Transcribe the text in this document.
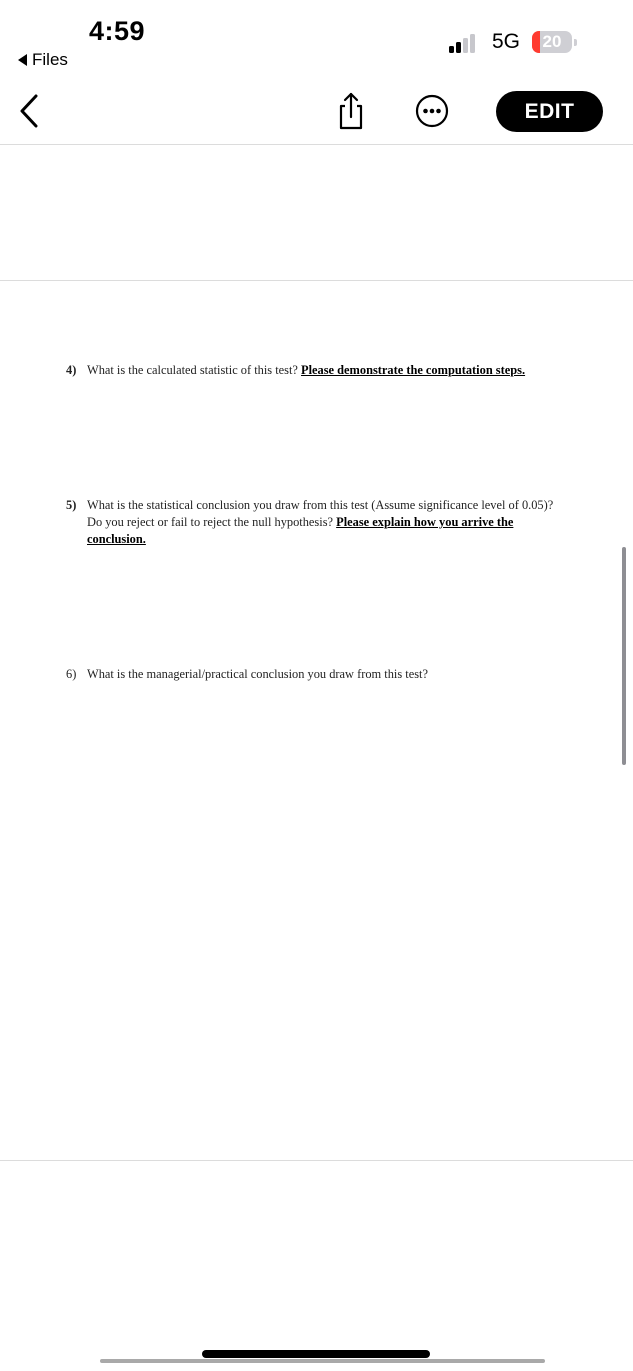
4:59
Files
5G	20
EDIT
4) What is the calculated statistic of this test? Please demonstrate the computation steps.
5) What is the statistical conclusion you draw from this test (Assume significance level of 0.05)? Do you reject or fail to reject the null hypothesis? Please explain how you arrive the conclusion.
6) What is the managerial/practical conclusion you draw from this test?
